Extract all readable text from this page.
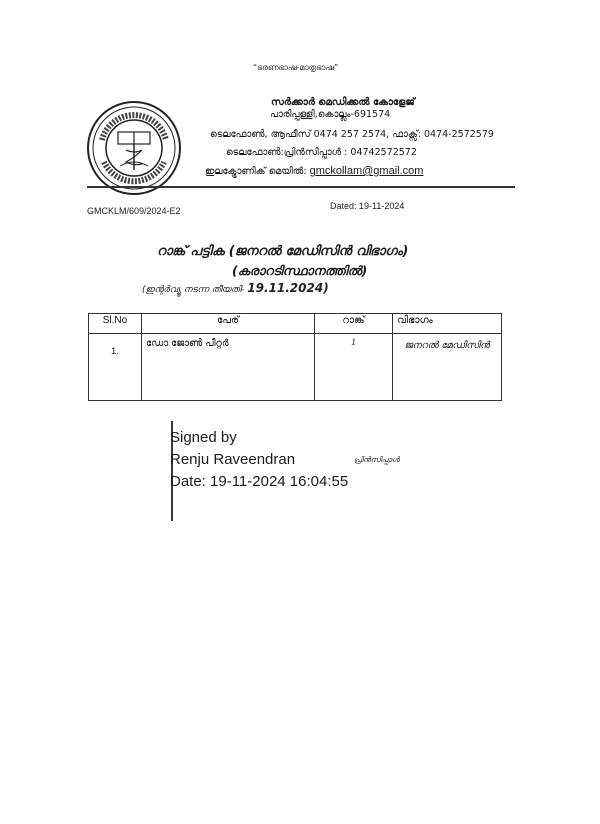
“ഭരണഭാഷ-മാതൃഭാഷ”
സർക്കാർ മെഡിക്കൽ കോളേജ്
പാരിപ്പള്ളി,കൊല്ലം-691574
ടെലഫോൺ, ആഫീസ് 0474 257 2574, ഫാക്സ്: 0474-2572579
ടെലഫോൺ:പ്രിൻസിപ്പാൾ : 04742572572
ഇലക്ട്രോണിക് മെയിൽ: gmckollam@gmail.com
GMCKLM/609/2024-E2	Dated: 19-11-2024
റാങ്ക് പട്ടിക (ജനറൽ മേഡിസിൻ വിഭാഗം)
(കരാറടിസ്ഥാനത്തിൽ)
(ഇന്റർവ്യൂ നടന്ന തീയതി- 19.11.2024)
Sl.No	പേര്	റാങ്ക്	വിഭാഗം
1.	ഡോ ജോൺ പീറ്റർ	1	ജനറൽ മേഡിസിൻ
Signed by
Renju Raveendran	പ്രിൻസിപ്പാൾ
Date: 19-11-2024 16:04:55
